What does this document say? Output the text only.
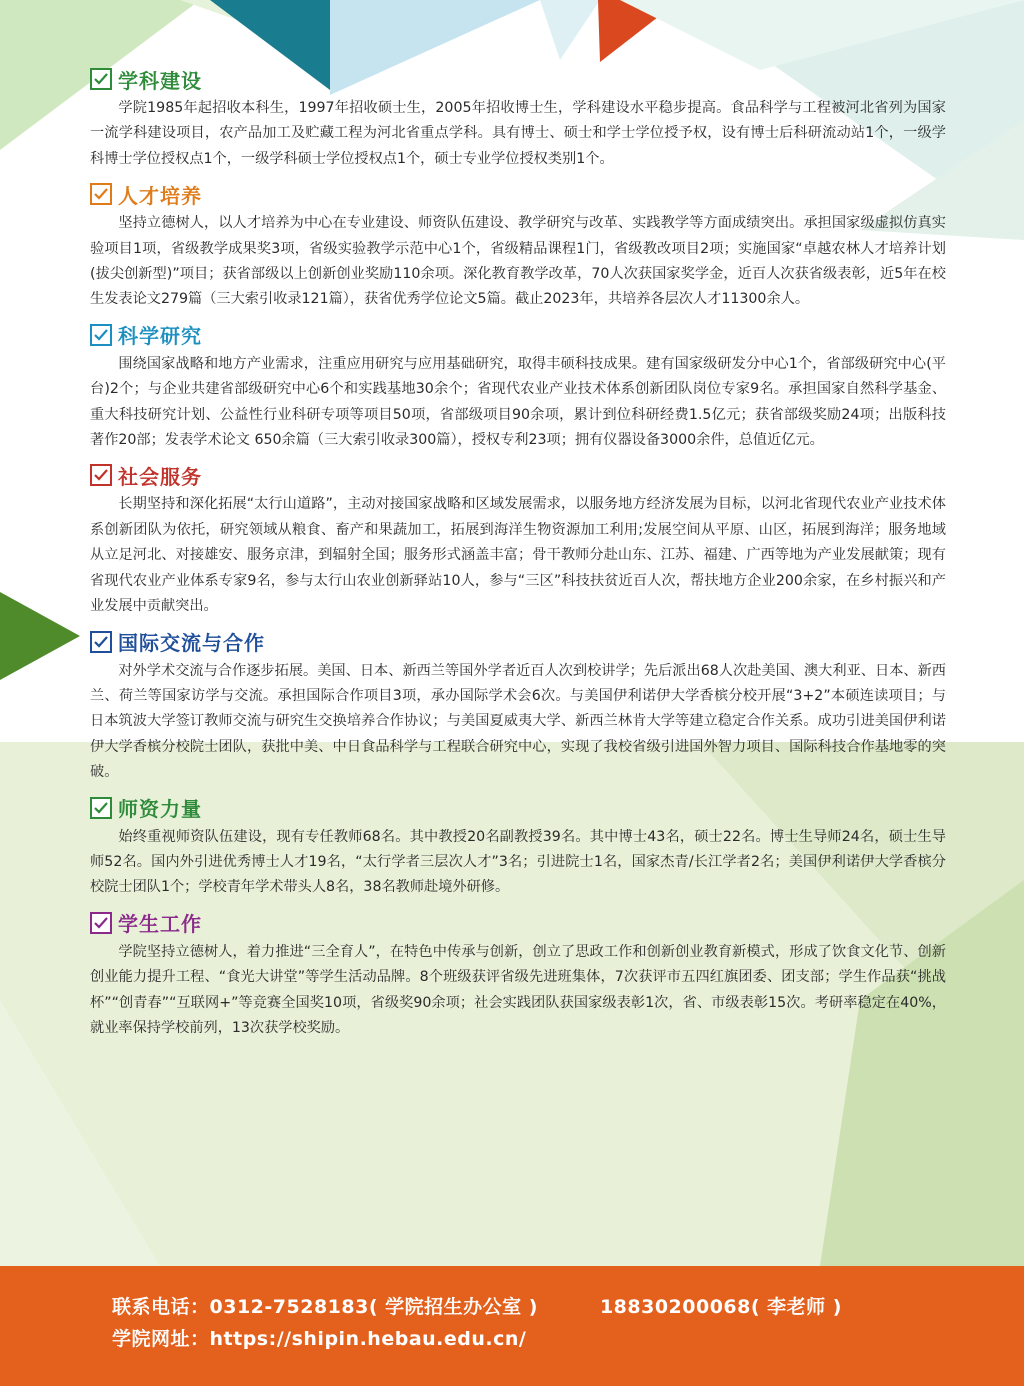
学科建设

学院1985年起招收本科生，1997年招收硕士生，2005年招收博士生，学科建设水平稳步提高。食品科学与工程被河北省列为国家一流学科建设项目，农产品加工及贮藏工程为河北省重点学科。具有博士、硕士和学士学位授予权，设有博士后科研流动站1个，一级学科博士学位授权点1个，一级学科硕士学位授权点1个，硕士专业学位授权类别1个。

人才培养

坚持立德树人，以人才培养为中心在专业建设、师资队伍建设、教学研究与改革、实践教学等方面成绩突出。承担国家级虚拟仿真实验项目1项，省级教学成果奖3项，省级实验教学示范中心1个，省级精品课程1门，省级教改项目2项；实施国家“卓越农林人才培养计划(拔尖创新型)”项目；获省部级以上创新创业奖励110余项。深化教育教学改革，70人次获国家奖学金，近百人次获省级表彰，近5年在校生发表论文279篇（三大索引收录121篇），获省优秀学位论文5篇。截止2023年，共培养各层次人才11300余人。

科学研究

围绕国家战略和地方产业需求，注重应用研究与应用基础研究，取得丰硕科技成果。建有国家级研发分中心1个，省部级研究中心(平台)2个；与企业共建省部级研究中心6个和实践基地30余个；省现代农业产业技术体系创新团队岗位专家9名。承担国家自然科学基金、重大科技研究计划、公益性行业科研专项等项目50项，省部级项目90余项，累计到位科研经费1.5亿元；获省部级奖励24项；出版科技著作20部；发表学术论文 650余篇（三大索引收录300篇），授权专利23项；拥有仪器设备3000余件，总值近亿元。

社会服务

长期坚持和深化拓展“太行山道路”，主动对接国家战略和区域发展需求，以服务地方经济发展为目标，以河北省现代农业产业技术体系创新团队为依托，研究领域从粮食、畜产和果蔬加工，拓展到海洋生物资源加工利用;发展空间从平原、山区，拓展到海洋；服务地域从立足河北、对接雄安、服务京津，到辐射全国；服务形式涵盖丰富；骨干教师分赴山东、江苏、福建、广西等地为产业发展献策；现有省现代农业产业体系专家9名，参与太行山农业创新驿站10人，参与“三区”科技扶贫近百人次，帮扶地方企业200余家，在乡村振兴和产业发展中贡献突出。

国际交流与合作

对外学术交流与合作逐步拓展。美国、日本、新西兰等国外学者近百人次到校讲学；先后派出68人次赴美国、澳大利亚、日本、新西兰、荷兰等国家访学与交流。承担国际合作项目3项，承办国际学术会6次。与美国伊利诺伊大学香槟分校开展“3+2”本硕连读项目；与日本筑波大学签订教师交流与研究生交换培养合作协议；与美国夏威夷大学、新西兰林肯大学等建立稳定合作关系。成功引进美国伊利诺伊大学香槟分校院士团队，获批中美、中日食品科学与工程联合研究中心，实现了我校省级引进国外智力项目、国际科技合作基地零的突破。

师资力量

始终重视师资队伍建设，现有专任教师68名。其中教授20名副教授39名。其中博士43名，硕士22名。博士生导师24名，硕士生导师52名。国内外引进优秀博士人才19名，“太行学者三层次人才”3名；引进院士1名，国家杰青/长江学者2名；美国伊利诺伊大学香槟分校院士团队1个；学校青年学术带头人8名，38名教师赴境外研修。

学生工作

学院坚持立德树人，着力推进“三全育人”，在特色中传承与创新，创立了思政工作和创新创业教育新模式，形成了饮食文化节、创新创业能力提升工程、“食光大讲堂”等学生活动品牌。8个班级获评省级先进班集体，7次获评市五四红旗团委、团支部；学生作品获“挑战杯”“创青春”“互联网+”等竞赛全国奖10项，省级奖90余项；社会实践团队获国家级表彰1次，省、市级表彰15次。考研率稳定在40%，就业率保持学校前列，13次获学校奖励。

联系电话：0312-7528183( 学院招生办公室 )	18830200068( 李老师 )
学院网址：https://shipin.hebau.edu.cn/
